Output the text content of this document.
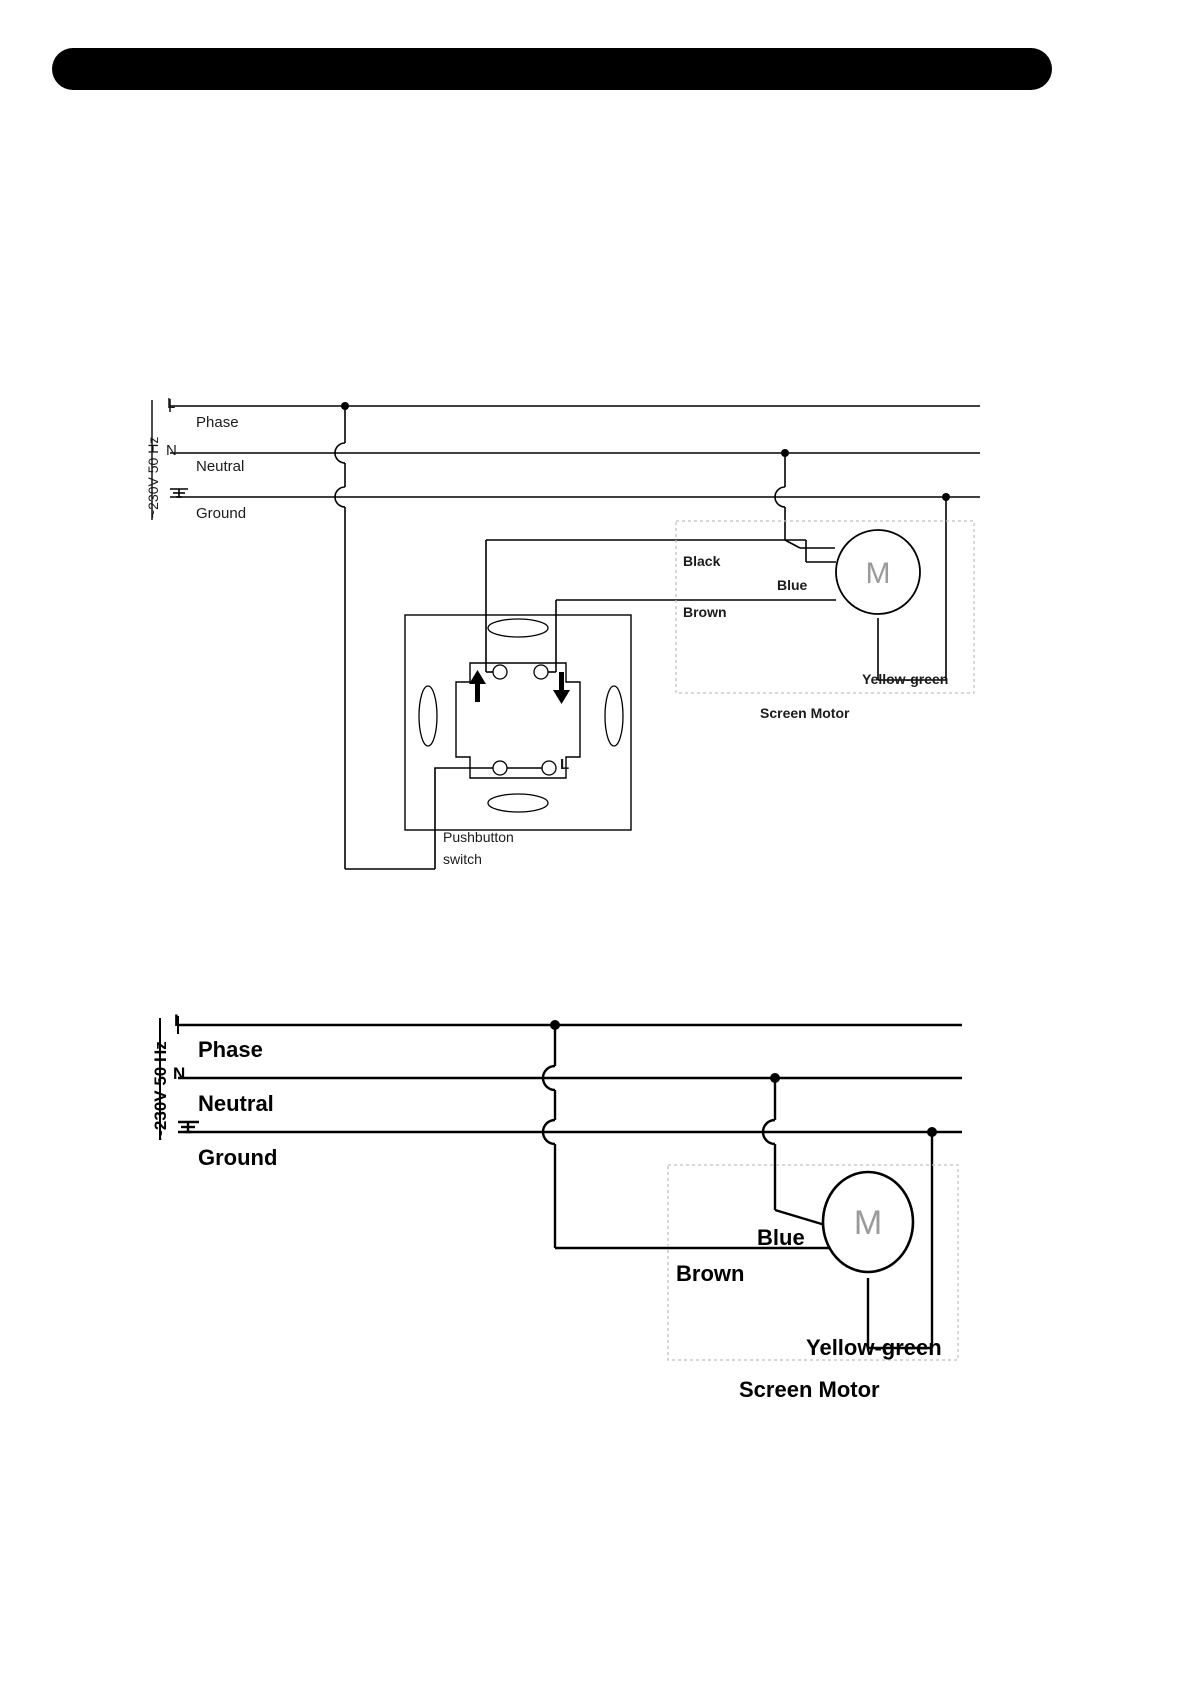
M
~230V 50 Hz
L
N
Phase
Neutral
Ground
Black
Blue
Brown
Yellow-green
Screen Motor
L
Pushbutton
switch
M
~230V 50 Hz
L
N
Phase
Neutral
Ground
Blue
Brown
Yellow-green
Screen Motor
